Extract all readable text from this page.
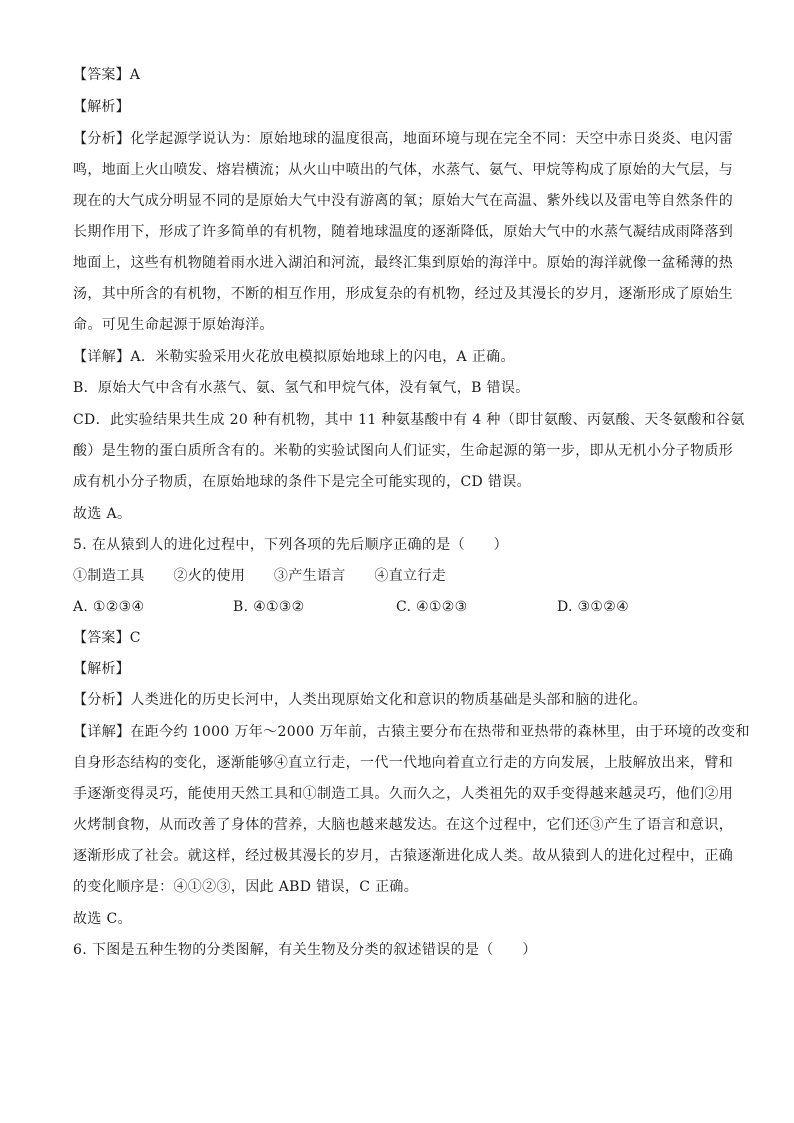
【答案】A
【解析】
【分析】化学起源学说认为：原始地球的温度很高，地面环境与现在完全不同：天空中赤日炎炎、电闪雷
鸣，地面上火山喷发、熔岩横流；从火山中喷出的气体，水蒸气、氨气、甲烷等构成了原始的大气层，与
现在的大气成分明显不同的是原始大气中没有游离的氧；原始大气在高温、紫外线以及雷电等自然条件的
长期作用下，形成了许多简单的有机物，随着地球温度的逐渐降低，原始大气中的水蒸气凝结成雨降落到
地面上，这些有机物随着雨水进入湖泊和河流，最终汇集到原始的海洋中。原始的海洋就像一盆稀薄的热
汤，其中所含的有机物，不断的相互作用，形成复杂的有机物，经过及其漫长的岁月，逐渐形成了原始生
命。可见生命起源于原始海洋。
【详解】A．米勒实验采用火花放电模拟原始地球上的闪电，A 正确。
B．原始大气中含有水蒸气、氨、氢气和甲烷气体，没有氧气，B 错误。
CD．此实验结果共生成 20 种有机物，其中 11 种氨基酸中有 4 种（即甘氨酸、丙氨酸、天冬氨酸和谷氨
酸）是生物的蛋白质所含有的。米勒的实验试图向人们证实，生命起源的第一步，即从无机小分子物质形
成有机小分子物质，在原始地球的条件下是完全可能实现的，CD 错误。
故选 A。
5. 在从猿到人的进化过程中，下列各项的先后顺序正确的是（　　）
①制造工具　　②火的使用　　③产生语言　　④直立行走
A. ①②③④	B. ④①③②	C. ④①②③	D. ③①②④
【答案】C
【解析】
【分析】人类进化的历史长河中，人类出现原始文化和意识的物质基础是头部和脑的进化。
【详解】在距今约 1000 万年～2000 万年前，古猿主要分布在热带和亚热带的森林里，由于环境的改变和
自身形态结构的变化，逐渐能够④直立行走，一代一代地向着直立行走的方向发展，上肢解放出来，臂和
手逐渐变得灵巧，能使用天然工具和①制造工具。久而久之，人类祖先的双手变得越来越灵巧，他们②用
火烤制食物，从而改善了身体的营养，大脑也越来越发达。在这个过程中，它们还③产生了语言和意识，
逐渐形成了社会。就这样，经过极其漫长的岁月，古猿逐渐进化成人类。故从猿到人的进化过程中，正确
的变化顺序是：④①②③，因此 ABD 错误，C 正确。
故选 C。
6. 下图是五种生物的分类图解，有关生物及分类的叙述错误的是（　　）
